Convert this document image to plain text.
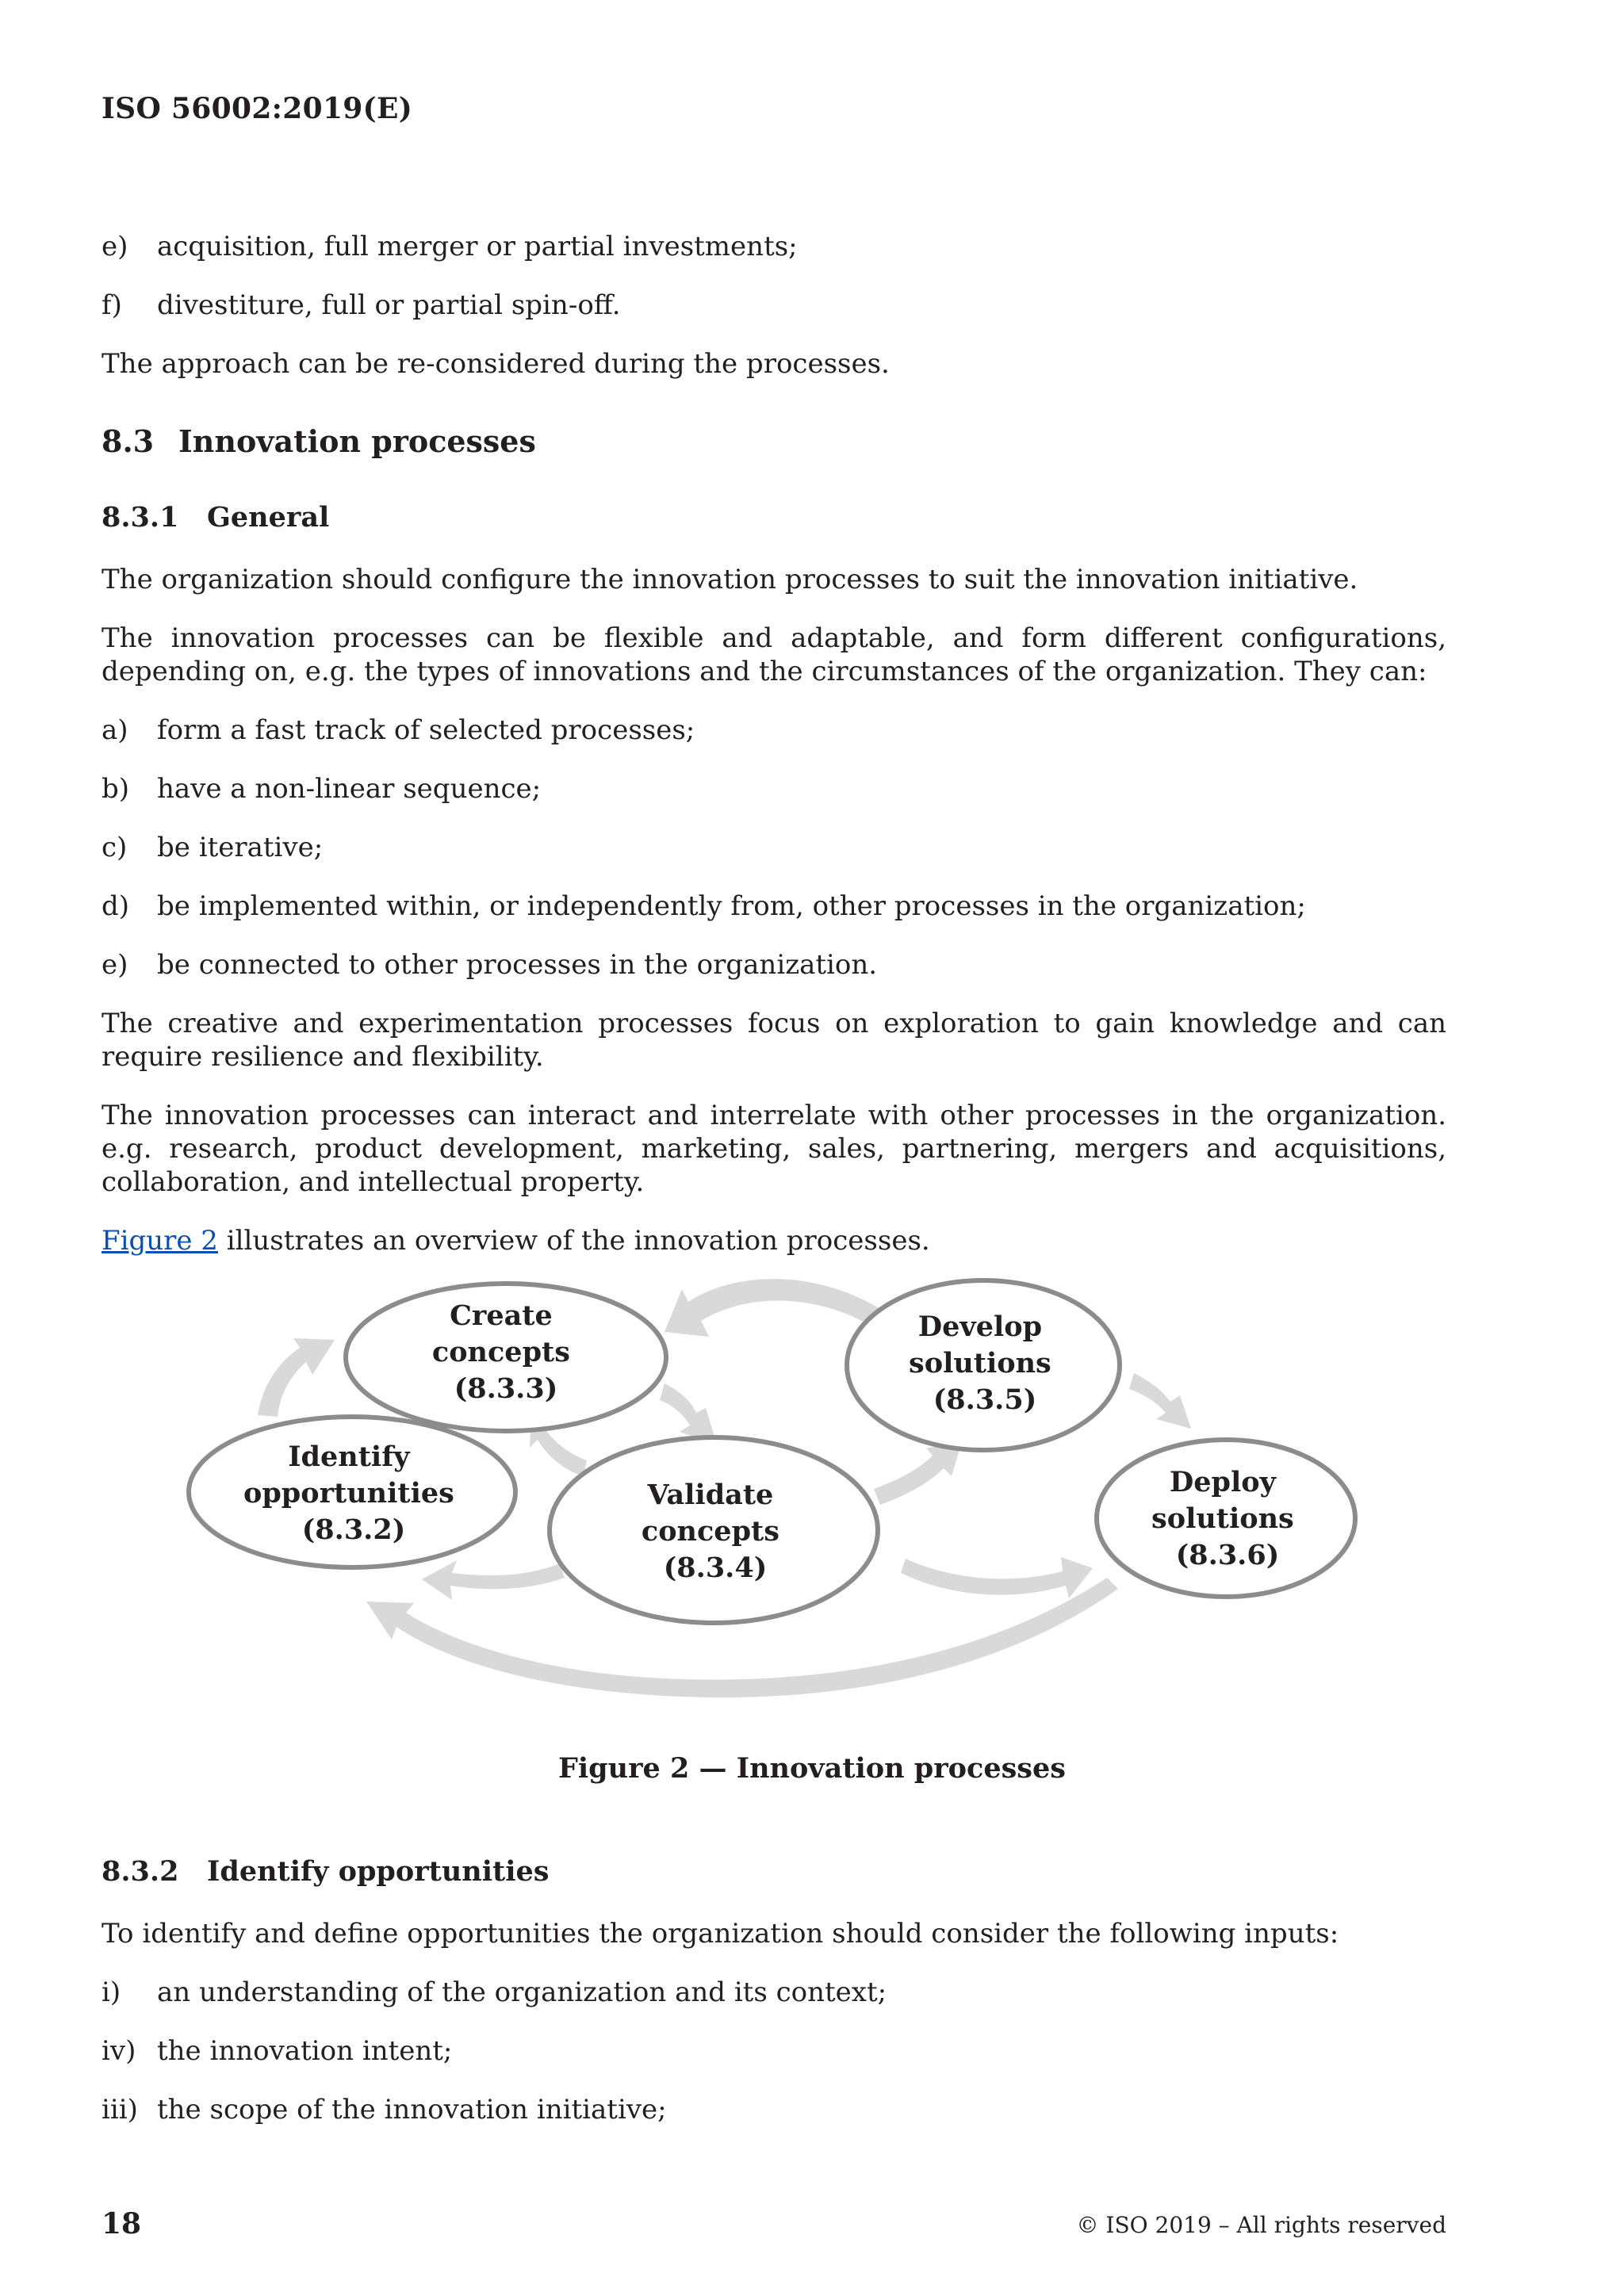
ISO 56002:2019(E)
e) acquisition, full merger or partial investments;
f) divestiture, full or partial spin-off.
The approach can be re-considered during the processes.
8.3 Innovation processes
8.3.1 General
The organization should configure the innovation processes to suit the innovation initiative.
The innovation processes can be flexible and adaptable, and form different configurations, depending on, e.g. the types of innovations and the circumstances of the organization. They can:
a) form a fast track of selected processes;
b) have a non-linear sequence;
c) be iterative;
d) be implemented within, or independently from, other processes in the organization;
e) be connected to other processes in the organization.
The creative and experimentation processes focus on exploration to gain knowledge and can require resilience and flexibility.
The innovation processes can interact and interrelate with other processes in the organization. e.g. research, product development, marketing, sales, partnering, mergers and acquisitions, collaboration, and intellectual property.
Figure 2 illustrates an overview of the innovation processes.
Create concepts (8.3.3)
Develop solutions (8.3.5)
Identify opportunities (8.3.2)
Validate concepts (8.3.4)
Deploy solutions (8.3.6)
Figure 2 — Innovation processes
8.3.2 Identify opportunities
To identify and define opportunities the organization should consider the following inputs:
i) an understanding of the organization and its context;
iv) the innovation intent;
iii) the scope of the innovation initiative;
18	© ISO 2019 – All rights reserved
